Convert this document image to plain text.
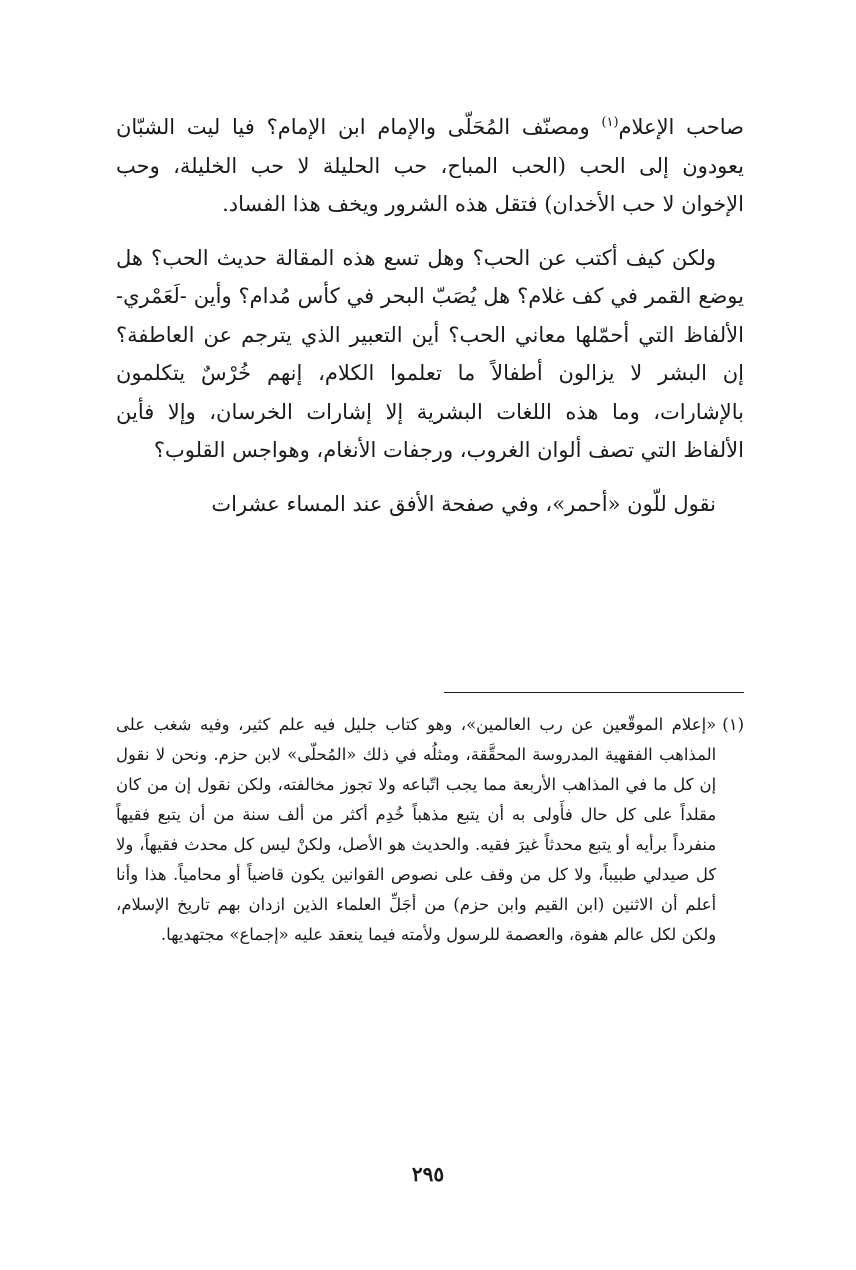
صاحب الإعلام$^{(١)}$ ومصنّف المُحَلّى والإمام ابن الإمام؟ فيا ليت الشبّان يعودون إلى الحب (الحب المباح، حب الحليلة لا حب الخليلة، وحب الإخوان لا حب الأخدان) فتقل هذه الشرور ويخف هذا الفساد.

ولكن كيف أكتب عن الحب؟ وهل تسع هذه المقالة حديث الحب؟ هل يوضع القمر في كف غلام؟ هل يُصَبّ البحر في كأس مُدام؟ وأين -لَعَمْري- الألفاظ التي أحمّلها معاني الحب؟ أين التعبير الذي يترجم عن العاطفة؟ إن البشر لا يزالون أطفالاً ما تعلموا الكلام، إنهم خُرْسٌ يتكلمون بالإشارات، وما هذه اللغات البشرية إلا إشارات الخرسان، وإلا فأين الألفاظ التي تصف ألوان الغروب، ورجفات الأنغام، وهواجس القلوب؟

نقول للّون «أحمر»، وفي صفحة الأفق عند المساء عشرات

(١)
«إعلام الموقّعين عن رب العالمين»، وهو كتاب جليل فيه علم كثير، وفيه شغب على المذاهب الفقهية المدروسة المحقَّقة، ومثلُه في ذلك «المُحلّى» لابن حزم. ونحن لا نقول إن كل ما في المذاهب الأربعة مما يجب اتّباعه ولا تجوز مخالفته، ولكن نقول إن من كان مقلداً على كل حال فأَولى به أن يتبع مذهباً خُدِم أكثر من ألف سنة من أن يتبع فقيهاً منفرداً برأيه أو يتبع محدثاً غيرَ فقيه. والحديث هو الأصل، ولكنْ ليس كل محدث فقيهاً، ولا كل صيدلي طبيباً، ولا كل من وقف على نصوص القوانين يكون قاضياً أو محامياً. هذا وأنا أعلم أن الاثنين (ابن القيم وابن حزم) من أجَلِّ العلماء الذين ازدان بهم تاريخ الإسلام، ولكن لكل عالم هفوة، والعصمة للرسول ولأمته فيما ينعقد عليه «إجماع» مجتهديها.
٢٩٥
